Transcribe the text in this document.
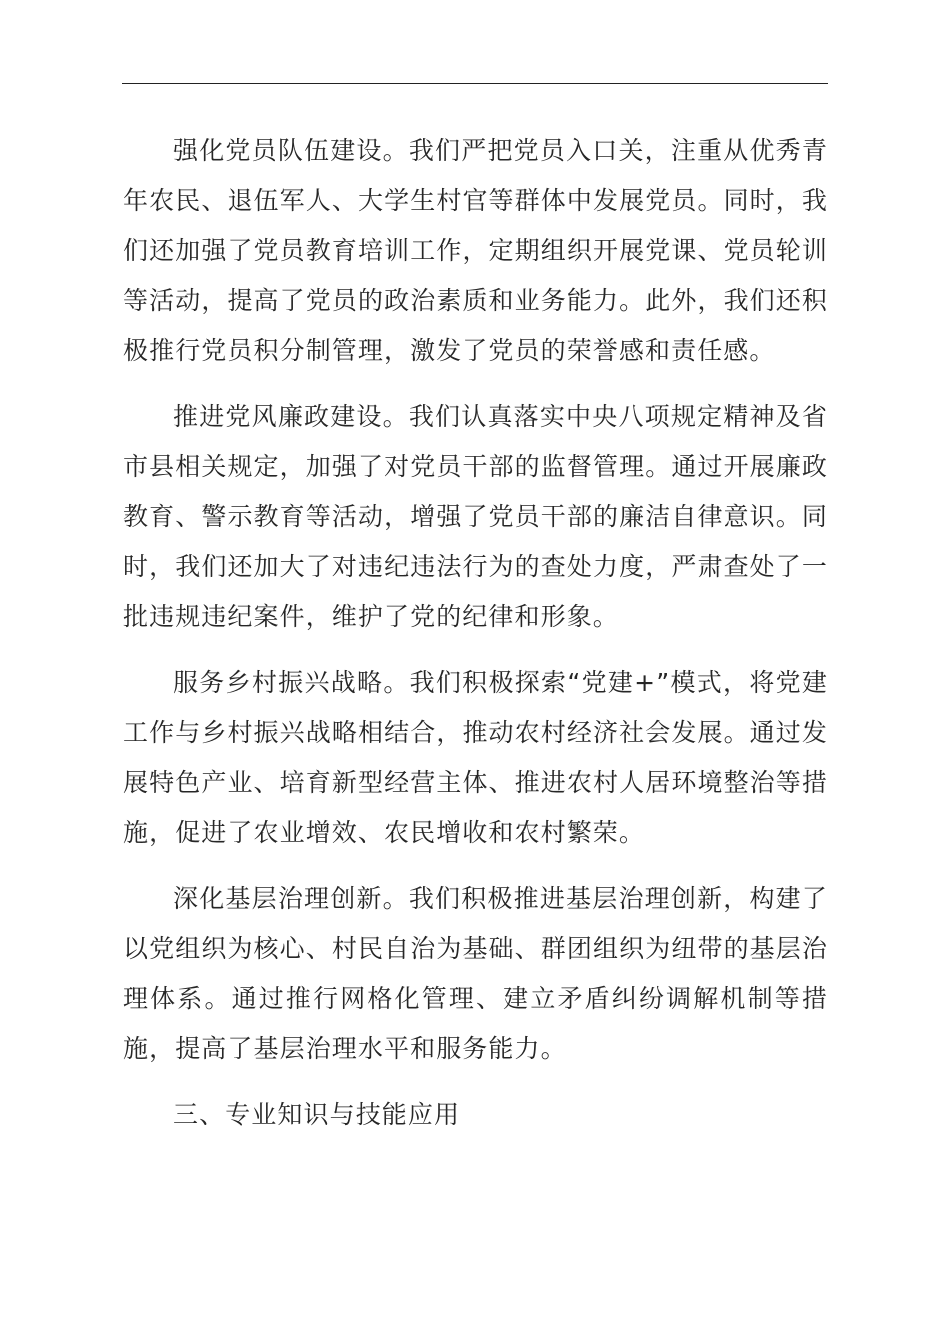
强化党员队伍建设。我们严把党员入口关，注重从优秀青年农民、退伍军人、大学生村官等群体中发展党员。同时，我们还加强了党员教育培训工作，定期组织开展党课、党员轮训等活动，提高了党员的政治素质和业务能力。此外，我们还积极推行党员积分制管理，激发了党员的荣誉感和责任感。

推进党风廉政建设。我们认真落实中央八项规定精神及省市县相关规定，加强了对党员干部的监督管理。通过开展廉政教育、警示教育等活动，增强了党员干部的廉洁自律意识。同时，我们还加大了对违纪违法行为的查处力度，严肃查处了一批违规违纪案件，维护了党的纪律和形象。

服务乡村振兴战略。我们积极探索“党建+”模式，将党建工作与乡村振兴战略相结合，推动农村经济社会发展。通过发展特色产业、培育新型经营主体、推进农村人居环境整治等措施，促进了农业增效、农民增收和农村繁荣。

深化基层治理创新。我们积极推进基层治理创新，构建了以党组织为核心、村民自治为基础、群团组织为纽带的基层治理体系。通过推行网格化管理、建立矛盾纠纷调解机制等措施，提高了基层治理水平和服务能力。

三、专业知识与技能应用
